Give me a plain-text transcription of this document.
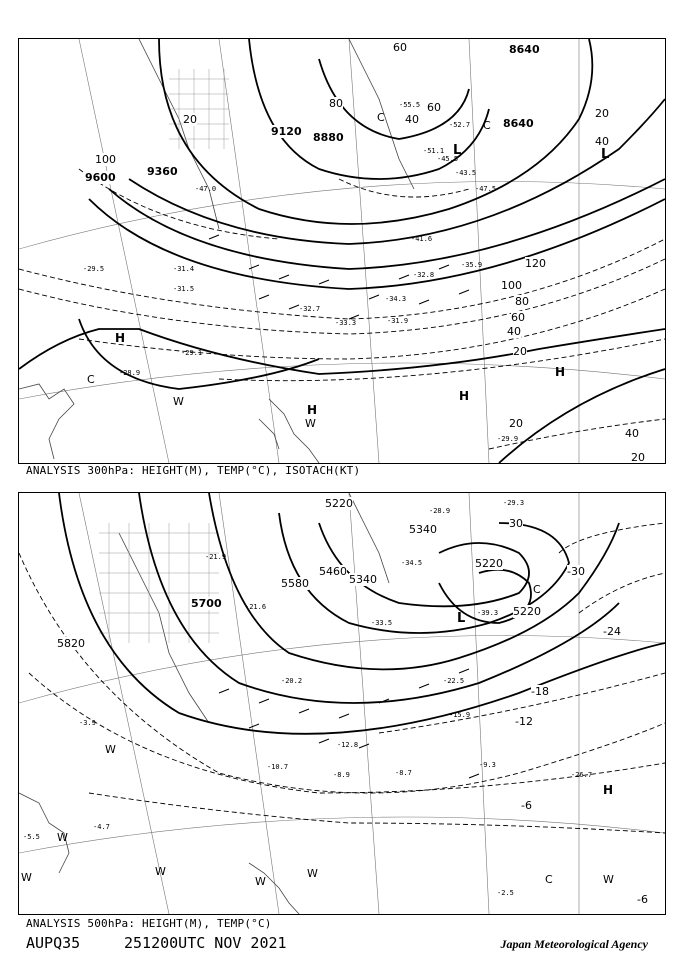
9600	9360
9120 8880
8640
8640
100
120
100
80
60
40
20
40
20
20
20	40
60
60
80
40
20
-29.5	-31.4
-31.5
-33.3
-34.3
-32.7
-31.9
-29.1
-28.9
-29.9
-47.0
-45.5
-43.5
-51.1
-55.5
-52.7
-47.5
-41.6
-35.9
-32.8
H
H
H
H
L	L
W
W
C
C
C
ANALYSIS 300hPa: HEIGHT(M), TEMP(°C), ISOTACH(KT)
5820
5700
5580
5460
5340
5220
5220
5220
5340
-30
-24
-18
-12
-6
-6
30
-21.9
-21.6
-20.2
-10.7
-8.9	-8.7
-9.3
-26.7
-2.5
-4.7
-5.5
-3.9
-34.5
-39.3
-33.5
-28.9
-29.3
-22.5
-15.9
-12.8
H
L
W
W
W
W
W	W
W
C
C
ANALYSIS 500hPa: HEIGHT(M), TEMP(°C)
AUPQ35	251200UTC NOV 2021	Japan Meteorological Agency
